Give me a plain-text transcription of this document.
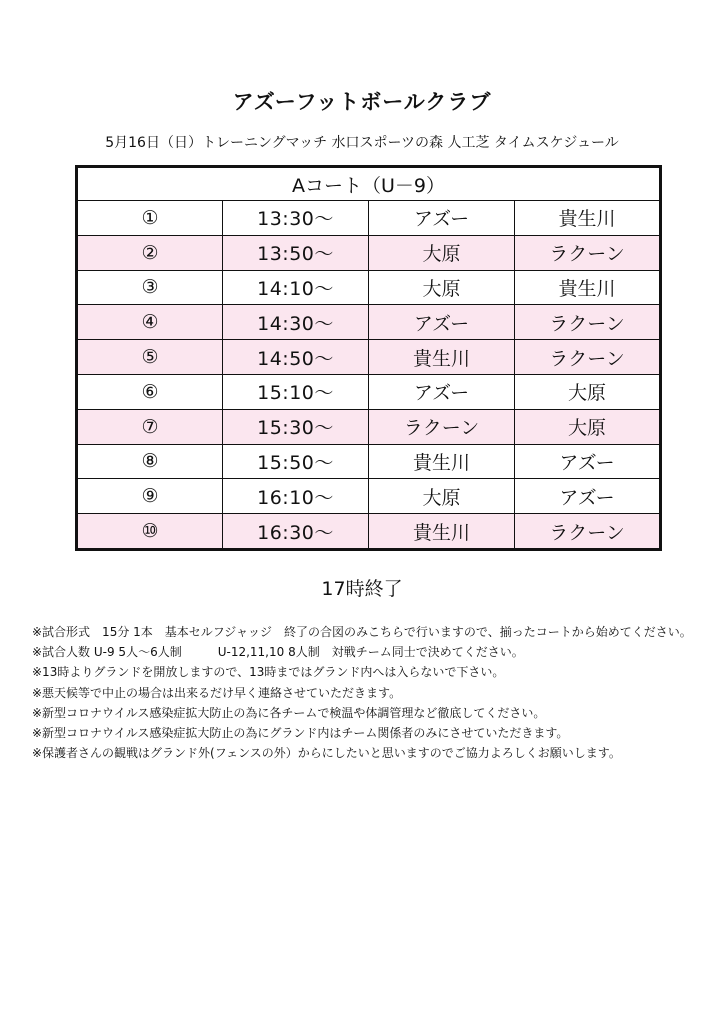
アズーフットボールクラブ
5月16日（日）トレーニングマッチ 水口スポーツの森 人工芝 タイムスケジュール
Aコート（U－9）			
①	13:30～	アズー	貴生川
②	13:50～	大原	ラクーン
③	14:10～	大原	貴生川
④	14:30～	アズー	ラクーン
⑤	14:50～	貴生川	ラクーン
⑥	15:10～	アズー	大原
⑦	15:30～	ラクーン	大原
⑧	15:50～	貴生川	アズー
⑨	16:10～	大原	アズー
⑩	16:30～	貴生川	ラクーン
17時終了
※試合形式　15分 1本　基本セルフジャッジ　終了の合図のみこちらで行いますので、揃ったコートから始めてください。
※試合人数 U-9 5人～6人制　　　U-12,11,10 8人制　対戦チーム同士で決めてください。
※13時よりグランドを開放しますので、13時まではグランド内へは入らないで下さい。
※悪天候等で中止の場合は出来るだけ早く連絡させていただきます。
※新型コロナウイルス感染症拡大防止の為に各チームで検温や体調管理など徹底してください。
※新型コロナウイルス感染症拡大防止の為にグランド内はチーム関係者のみにさせていただきます。
※保護者さんの観戦はグランド外(フェンスの外）からにしたいと思いますのでご協力よろしくお願いします。
